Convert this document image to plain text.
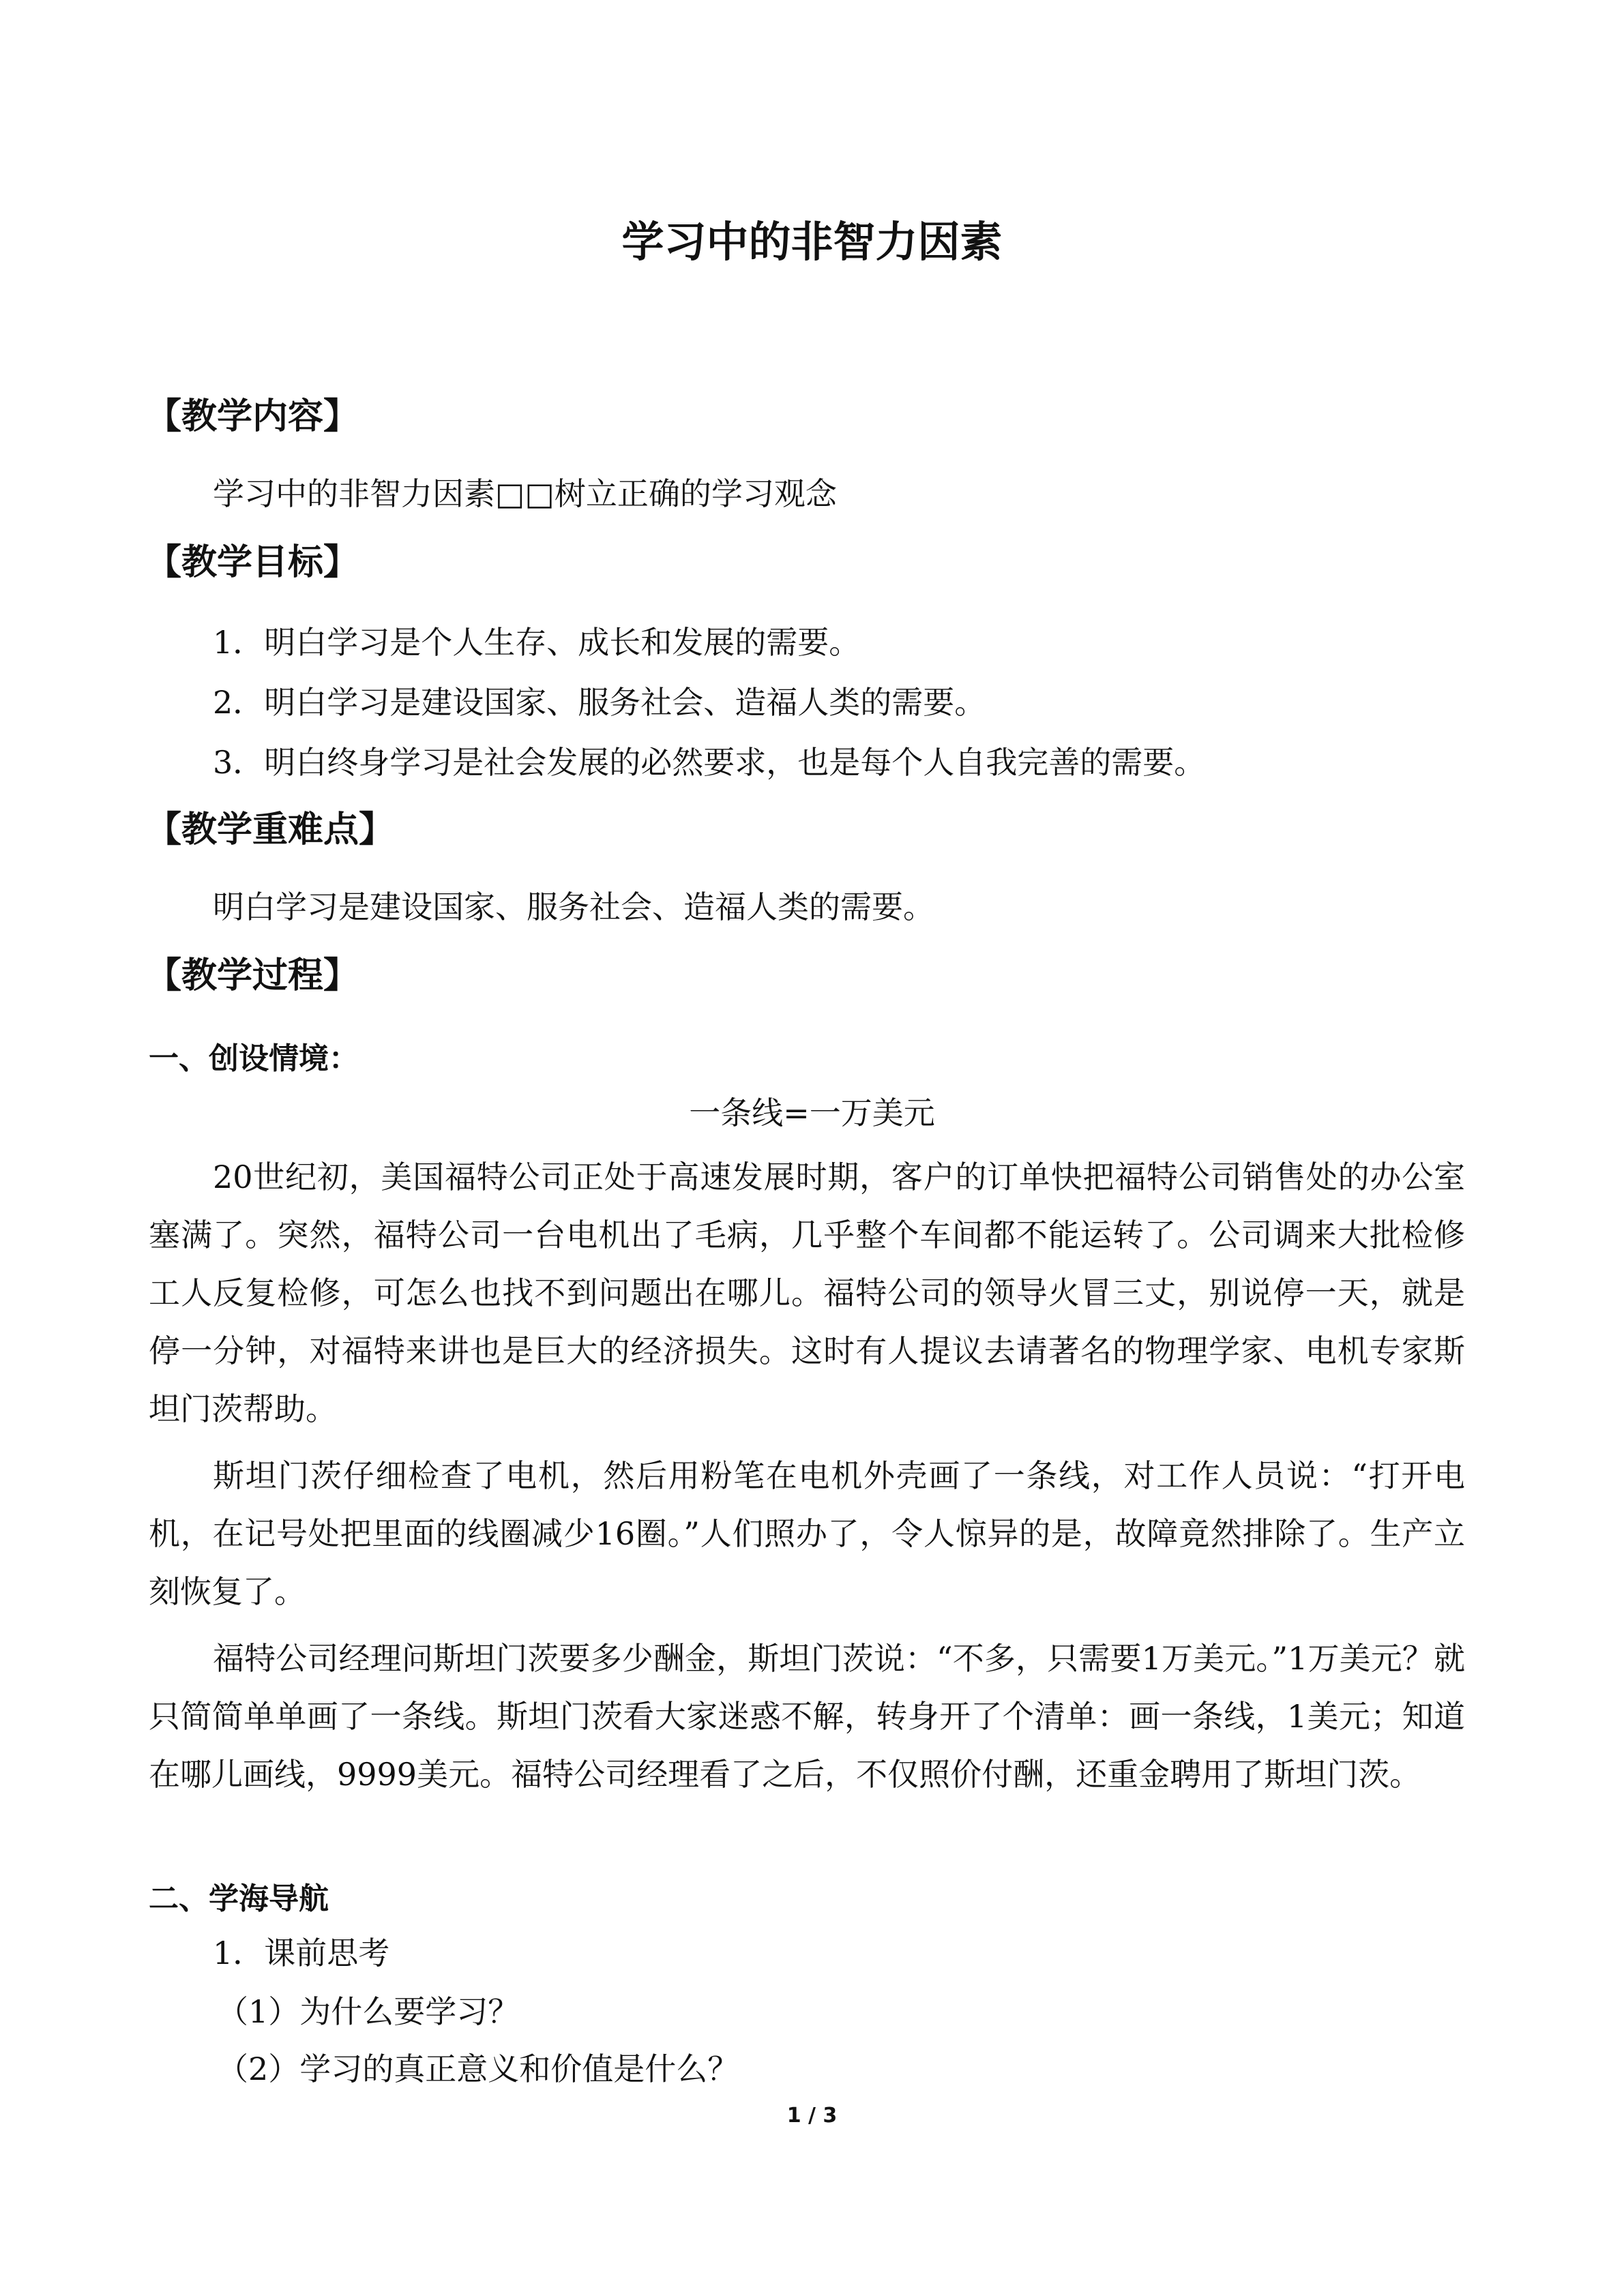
学习中的非智力因素
【教学内容】

学习中的非智力因素□□树立正确的学习观念

【教学目标】

1．明白学习是个人生存、成长和发展的需要。

2．明白学习是建设国家、服务社会、造福人类的需要。

3．明白终身学习是社会发展的必然要求，也是每个人自我完善的需要。

【教学重难点】

明白学习是建设国家、服务社会、造福人类的需要。

【教学过程】
一、创设情境：

一条线=一万美元

20世纪初，美国福特公司正处于高速发展时期，客户的订单快把福特公司销售处的办公室塞满了。突然，福特公司一台电机出了毛病，几乎整个车间都不能运转了。公司调来大批检修工人反复检修，可怎么也找不到问题出在哪儿。福特公司的领导火冒三丈，别说停一天，就是停一分钟，对福特来讲也是巨大的经济损失。这时有人提议去请著名的物理学家、电机专家斯坦门茨帮助。

斯坦门茨仔细检查了电机，然后用粉笔在电机外壳画了一条线，对工作人员说：“打开电机，在记号处把里面的线圈减少16圈。”人们照办了，令人惊异的是，故障竟然排除了。生产立刻恢复了。

福特公司经理问斯坦门茨要多少酬金，斯坦门茨说：“不多，只需要1万美元。”1万美元？就只简简单单画了一条线。斯坦门茨看大家迷惑不解，转身开了个清单：画一条线，1美元；知道在哪儿画线，9999美元。福特公司经理看了之后，不仅照价付酬，还重金聘用了斯坦门茨。

二、学海导航

1．课前思考

（1）为什么要学习？

（2）学习的真正意义和价值是什么？

1 / 3
